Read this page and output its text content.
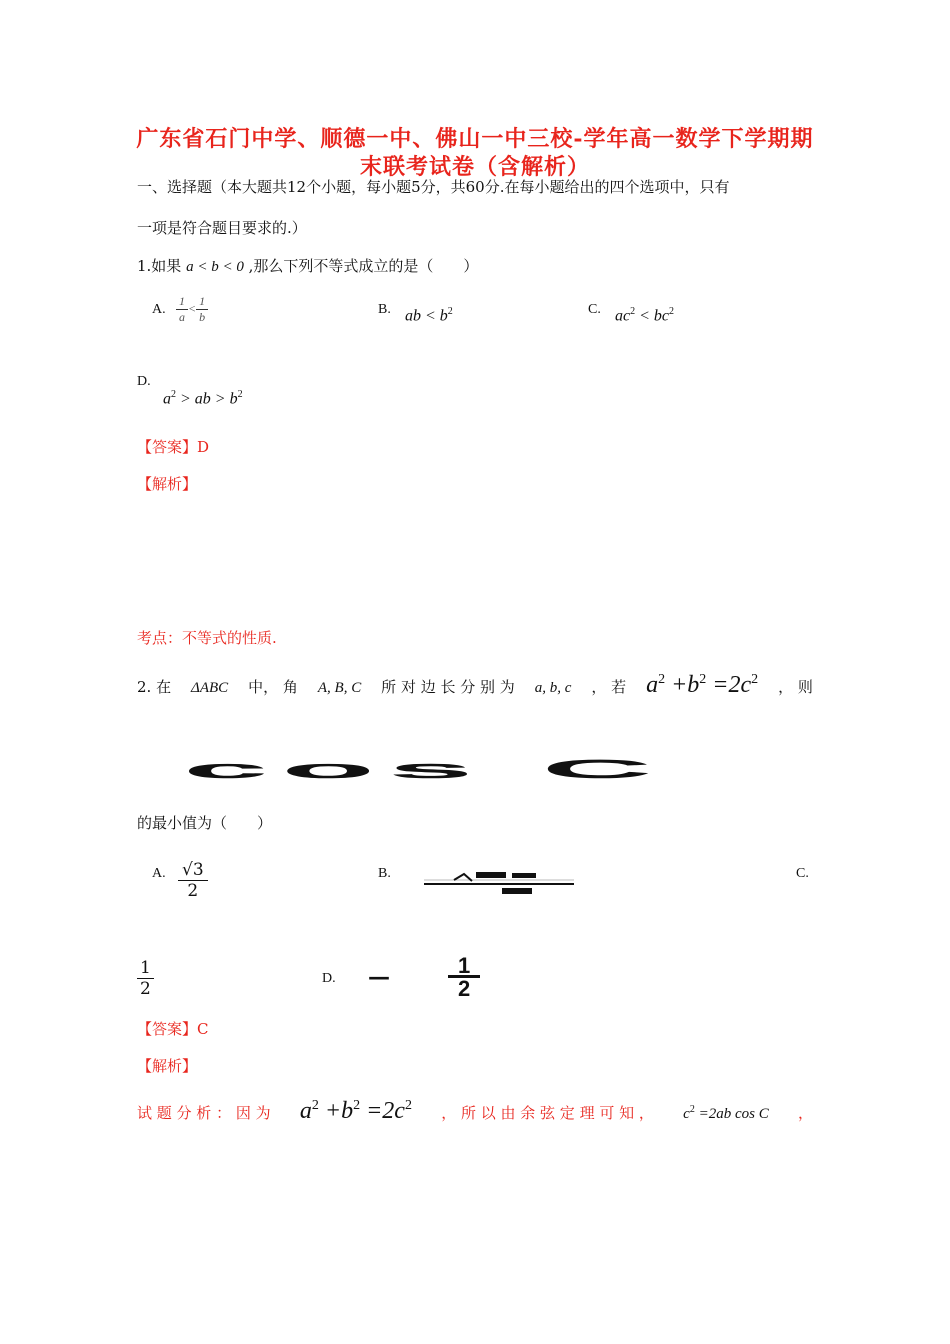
广东省石门中学、顺德一中、佛山一中三校-学年高一数学下学期期
末联考试卷（含解析）
一、选择题（本大题共12个小题，每小题5分，共60分.在每小题给出的四个选项中，只有
一项是符合题目要求的.）
1.如果 a < b < 0 ,那么下列不等式成立的是（　　）
A. $\frac{1}{a} < \frac{1}{b}$	B. ab < $b^2$	C. $ac^2 < bc^2$
D.
$a^2$ > ab > $b^2$
【答案】D
【解析】
考点：不等式的性质.
2. 在 ΔABC 中， 角 A, B, C 所 对 边 长 分 别 为 a, b, c ， 若 $a^2 +b^2 =2c^2$ ， 则
cos C
的最小值为（　　）
A. $\frac{√3}{2}$	B.	C.
$\frac{1}{2}$	D. —	$\frac{1}{2}$
【答案】C
【解析】
试 题 分 析 ： 因 为 $a^2 +b^2 =2c^2$ ， 所 以 由 余 弦 定 理 可 知 ， $c^2 =2ab$ cos C ，
